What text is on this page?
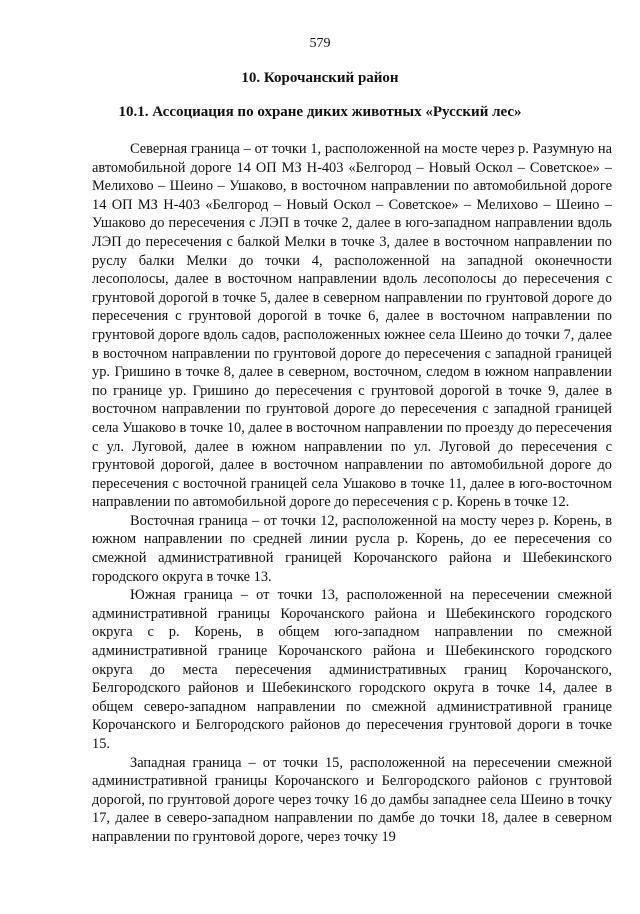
579
10. Корочанский район
10.1. Ассоциация по охране диких животных «Русский лес»

Северная граница – от точки 1, расположенной на мосте через р. Разумную на автомобильной дороге 14 ОП МЗ Н-403 «Белгород – Новый Оскол – Советское» – Мелихово – Шеино – Ушаково, в восточном направлении по автомобильной дороге 14 ОП МЗ Н-403 «Белгород – Новый Оскол – Советское» – Мелихово – Шеино – Ушаково до пересечения с ЛЭП в точке 2, далее в юго-западном направлении вдоль ЛЭП до пересечения с балкой Мелки в точке 3, далее в восточном направлении по руслу балки Мелки до точки 4, расположенной на западной оконечности лесополосы, далее в восточном направлении вдоль лесополосы до пересечения с грунтовой дорогой в точке 5, далее в северном направлении по грунтовой дороге до пересечения с грунтовой дорогой в точке 6, далее в восточном направлении по грунтовой дороге вдоль садов, расположенных южнее села Шеино до точки 7, далее в восточном направлении по грунтовой дороге до пересечения с западной границей ур. Гришино в точке 8, далее в северном, восточном, следом в южном направлении по границе ур. Гришино до пересечения с грунтовой дорогой в точке 9, далее в восточном направлении по грунтовой дороге до пересечения с западной границей села Ушаково в точке 10, далее в восточном направлении по проезду до пересечения с ул. Луговой, далее в южном направлении по ул. Луговой до пересечения с грунтовой дорогой, далее в восточном направлении по автомобильной дороге до пересечения с восточной границей села Ушаково в точке 11, далее в юго-восточном направлении по автомобильной дороге до пересечения с р. Корень в точке 12.

Восточная граница – от точки 12, расположенной на мосту через р. Корень, в южном направлении по средней линии русла р. Корень, до ее пересечения со смежной административной границей Корочанского района и Шебекинского городского округа в точке 13.

Южная граница – от точки 13, расположенной на пересечении смежной административной границы Корочанского района и Шебекинского городского округа с р. Корень, в общем юго-западном направлении по смежной административной границе Корочанского района и Шебекинского городского округа до места пересечения административных границ Корочанского, Белгородского районов и Шебекинского городского округа в точке 14, далее в общем северо-западном направлении по смежной административной границе Корочанского и Белгородского районов до пересечения грунтовой дороги в точке 15.

Западная граница – от точки 15, расположенной на пересечении смежной административной границы Корочанского и Белгородского районов с грунтовой дорогой, по грунтовой дороге через точку 16 до дамбы западнее села Шеино в точку 17, далее в северо-западном направлении по дамбе до точки 18, далее в северном направлении по грунтовой дороге, через точку 19
